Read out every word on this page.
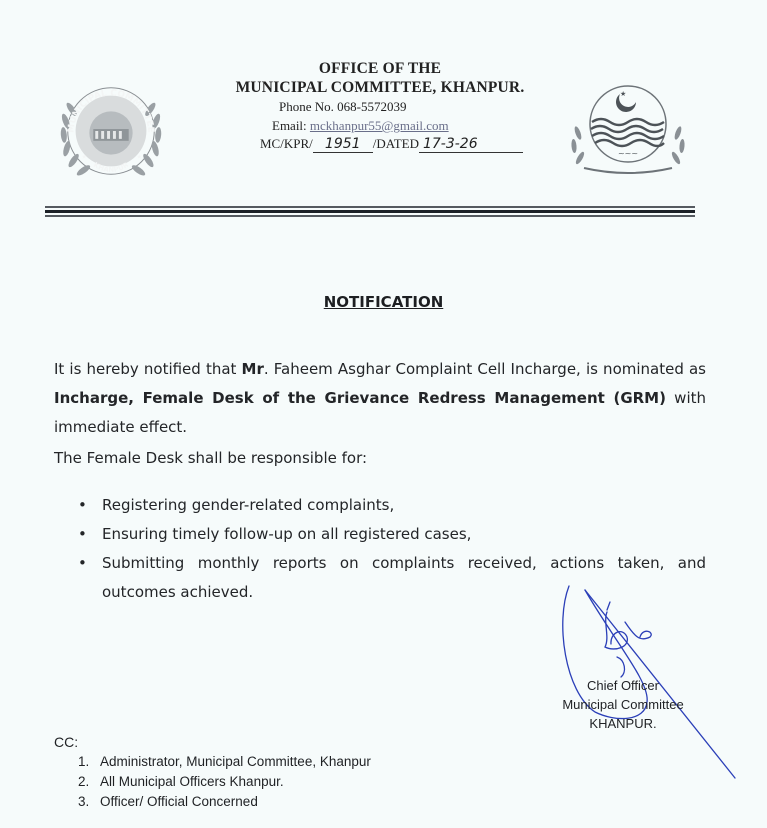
MUNICIPAL COMMITTEE
KHANPUR
★	★
OFFICE OF THE
MUNICIPAL COMMITTEE, KHANPUR.
Phone No. 068-5572039
Email: mckhanpur55@gmail.com
MC/KPR/ 1951 /DATED 17-3-26
★
~~~
NOTIFICATION
It is hereby notified that Mr. Faheem Asghar Complaint Cell Incharge, is nominated as Incharge, Female Desk of the Grievance Redress Management (GRM) with immediate effect.
The Female Desk shall be responsible for:
• Registering gender-related complaints,
• Ensuring timely follow-up on all registered cases,
• Submitting monthly reports on complaints received, actions taken, and outcomes achieved.
Chief Officer
Municipal Committee
KHANPUR.
CC:
1. Administrator, Municipal Committee, Khanpur
2. All Municipal Officers Khanpur.
3. Officer/ Official Concerned
